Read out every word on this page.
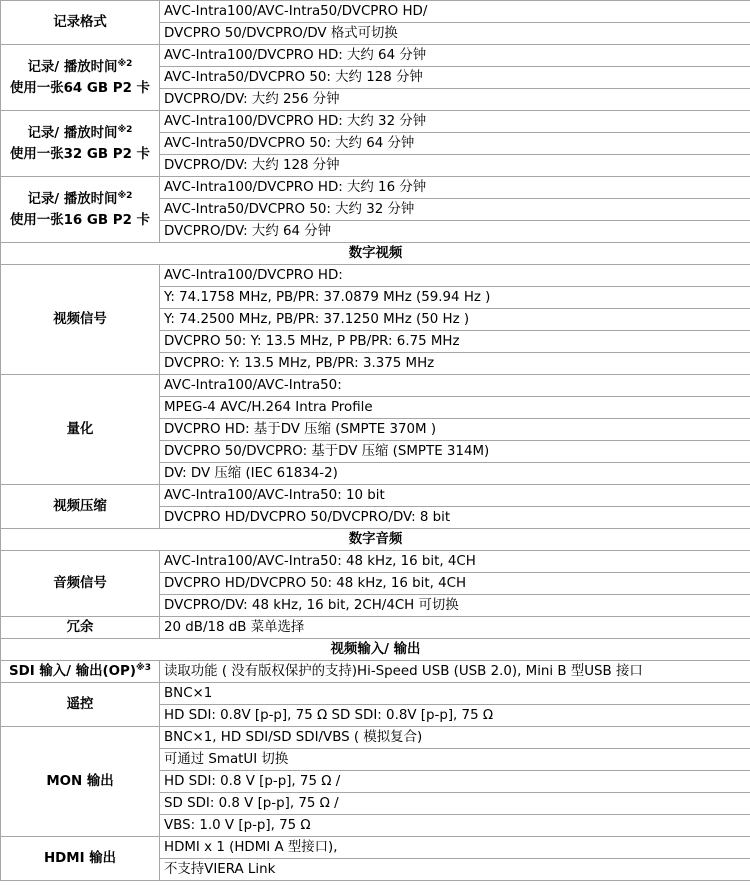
记录格式	AVC-Intra100/AVC-Intra50/DVCPRO HD/
	DVCPRO 50/DVCPRO/DV 格式可切换

记录/ 播放时间$^{※2}$
使用一张64 GB P2 卡	AVC-Intra100/DVCPRO HD: 大约 64 分钟
	AVC-Intra50/DVCPRO 50: 大约 128 分钟
	DVCPRO/DV: 大约 256 分钟

记录/ 播放时间$^{※2}$
使用一张32 GB P2 卡	AVC-Intra100/DVCPRO HD: 大约 32 分钟
	AVC-Intra50/DVCPRO 50: 大约 64 分钟
	DVCPRO/DV: 大约 128 分钟

记录/ 播放时间$^{※2}$
使用一张16 GB P2 卡	AVC-Intra100/DVCPRO HD: 大约 16 分钟
	AVC-Intra50/DVCPRO 50: 大约 32 分钟
	DVCPRO/DV: 大约 64 分钟
数字视频	
视频信号	AVC-Intra100/DVCPRO HD:
	Y: 74.1758 MHz, PB/PR: 37.0879 MHz (59.94 Hz )
	Y: 74.2500 MHz, PB/PR: 37.1250 MHz (50 Hz )
	DVCPRO 50: Y: 13.5 MHz, P PB/PR: 6.75 MHz
	DVCPRO: Y: 13.5 MHz, PB/PR: 3.375 MHz
量化	AVC-Intra100/AVC-Intra50:
	MPEG-4 AVC/H.264 Intra Profile
	DVCPRO HD: 基于DV 压缩 (SMPTE 370M )
	DVCPRO 50/DVCPRO: 基于DV 压缩 (SMPTE 314M)
	DV: DV 压缩 (IEC 61834-2)
视频压缩	AVC-Intra100/AVC-Intra50: 10 bit
	DVCPRO HD/DVCPRO 50/DVCPRO/DV: 8 bit
数字音频	
音频信号	AVC-Intra100/AVC-Intra50: 48 kHz, 16 bit, 4CH
	DVCPRO HD/DVCPRO 50: 48 kHz, 16 bit, 4CH
	DVCPRO/DV: 48 kHz, 16 bit, 2CH/4CH 可切换
冗余	20 dB/18 dB 菜单选择
视频输入/ 输出	
SDI 输入/ 输出(OP)$^{※3}$	读取功能 ( 没有版权保护的支持)Hi-Speed USB (USB 2.0), Mini B 型USB 接口
遥控	BNC×1
	HD SDI: 0.8V [p-p], 75 Ω SD SDI: 0.8V [p-p], 75 Ω
MON 输出	BNC×1, HD SDI/SD SDI/VBS ( 模拟复合)
	可通过 SmatUI 切换
	HD SDI: 0.8 V [p-p], 75 Ω /
	SD SDI: 0.8 V [p-p], 75 Ω /
	VBS: 1.0 V [p-p], 75 Ω
HDMI 输出	HDMI x 1 (HDMI A 型接口),
	不支持VIERA Link
